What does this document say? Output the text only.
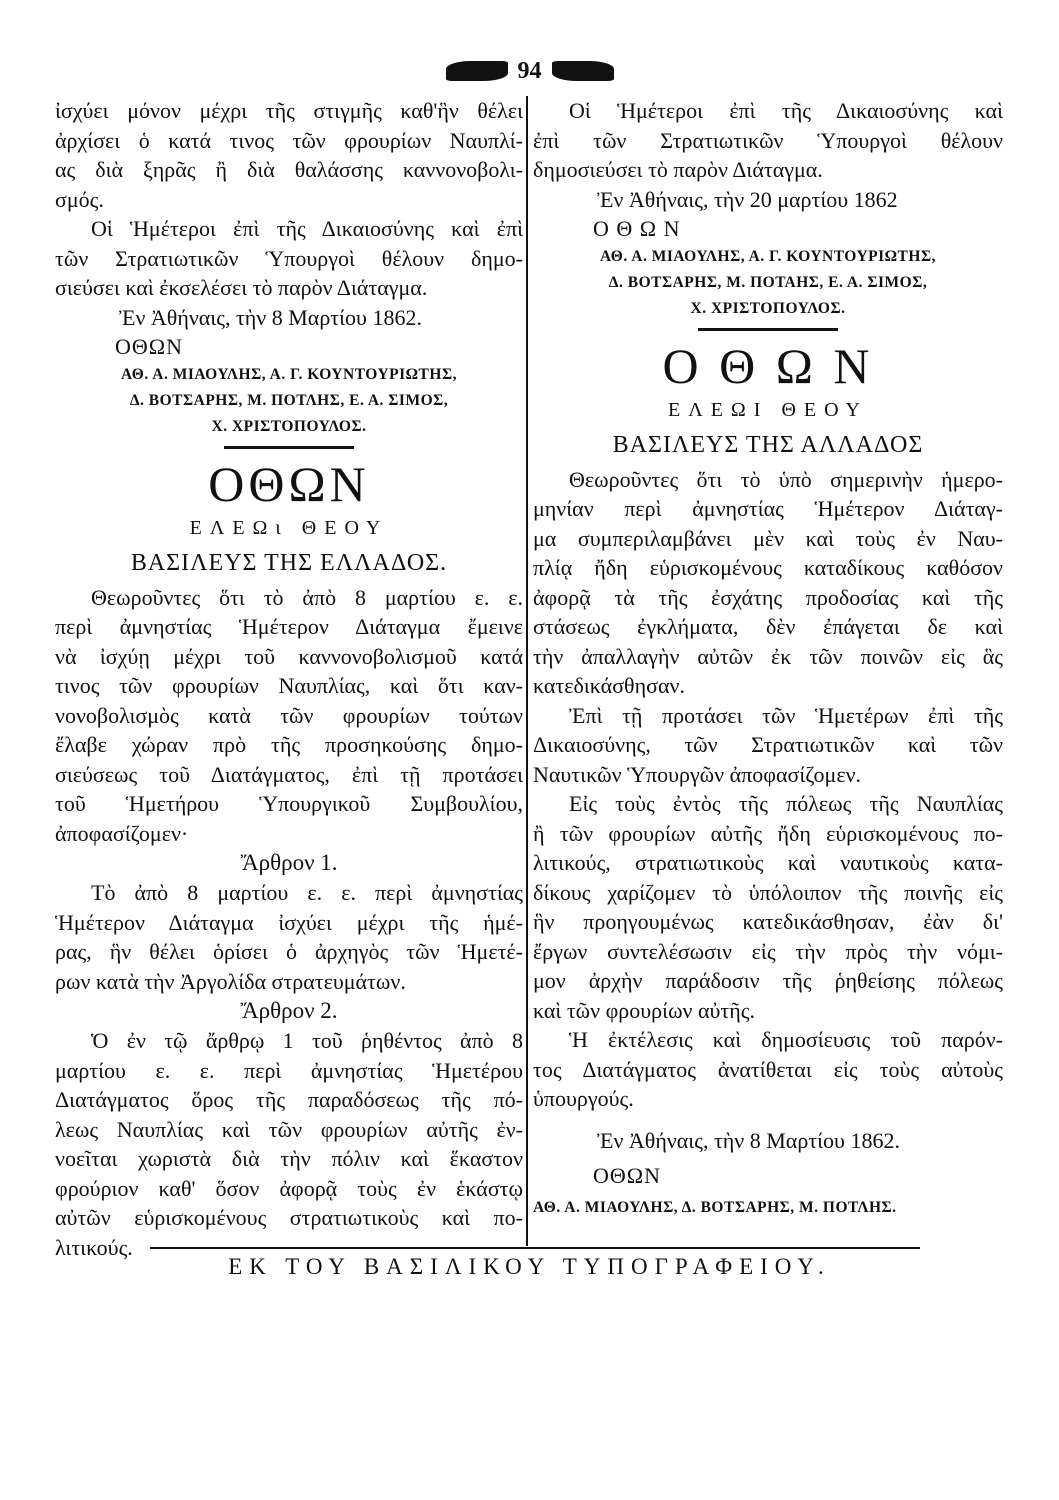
94

ἰσχύει μόνον μέχρι τῆς στιγμῆς καθ'ἣν θέλει

ἀρχίσει ὁ κατά τινος τῶν φρουρίων Ναυπλί-

ας διὰ ξηρᾶς ἢ διὰ θαλάσσης καννονοβολι-

σμός.

Οἱ Ἡμέτεροι ἐπὶ τῆς Δικαιοσύνης καὶ ἐπὶ

τῶν Στρατιωτικῶν Ὑπουργοὶ θέλουν δημο-

σιεύσει καὶ ἐκσελέσει τὸ παρὸν Διάταγμα.

Ἐν Ἀθήναις, τὴν 8 Μαρτίου 1862.

ΟΘΩΝ

ΑΘ. Α. ΜΙΑΟΥΛΗΣ, Α. Γ. ΚΟΥΝΤΟΥΡΙΩΤΗΣ,
Δ. ΒΟΤΣΑΡΗΣ, Μ. ΠΟΤΛΗΣ, Ε. Α. ΣΙΜΟΣ,
Χ. ΧΡΙΣΤΟΠΟΥΛΟΣ.
ΟΘΩΝ
ΕΛΕΩι ΘΕΟΥ
ΒΑΣΙΛΕΥΣ ΤΗΣ ΕΛΛΑΔΟΣ.

Θεωροῦντες ὅτι τὸ ἀπὸ 8 μαρτίου ε. ε.

περὶ ἀμνηστίας Ἡμέτερον Διάταγμα ἔμεινε

νὰ ἰσχύῃ μέχρι τοῦ καννονοβολισμοῦ κατά

τινος τῶν φρουρίων Ναυπλίας, καὶ ὅτι καν-

νονοβολισμὸς κατὰ τῶν φρουρίων τούτων

ἔλαβε χώραν πρὸ τῆς προσηκούσης δημο-

σιεύσεως τοῦ Διατάγματος, ἐπὶ τῇ προτάσει

τοῦ Ἡμετήρου Ὑπουργικοῦ Συμβουλίου,

ἀποφασίζομεν·

Ἄρθρον 1.

Τὸ ἀπὸ 8 μαρτίου ε. ε. περὶ ἀμνηστίας

Ἡμέτερον Διάταγμα ἰσχύει μέχρι τῆς ἡμέ-

ρας, ἣν θέλει ὁρίσει ὁ ἀρχηγὸς τῶν Ἡμετέ-

ρων κατὰ τὴν Ἀργολίδα στρατευμάτων.

Ἄρθρον 2.

Ὁ ἐν τῷ ἄρθρῳ 1 τοῦ ῥηθέντος ἀπὸ 8

μαρτίου ε. ε. περὶ ἀμνηστίας Ἡμετέρου

Διατάγματος ὅρος τῆς παραδόσεως τῆς πό-

λεως Ναυπλίας καὶ τῶν φρουρίων αὐτῆς ἐν-

νοεῖται χωριστὰ διὰ τὴν πόλιν καὶ ἕκαστον

φρούριον καθ' ὅσον ἀφορᾷ τοὺς ἐν ἑκάστῳ

αὐτῶν εὑρισκομένους στρατιωτικοὺς καὶ πο-

λιτικούς.

Οἱ Ἡμέτεροι ἐπὶ τῆς Δικαιοσύνης καὶ

ἐπὶ τῶν Στρατιωτικῶν Ὑπουργοὶ θέλουν

δημοσιεύσει τὸ παρὸν Διάταγμα.

Ἐν Ἀθήναις, τὴν 20 μαρτίου 1862

Ο Θ Ω Ν

ΑΘ. Α. ΜΙΑΟΥΛΗΣ, Α. Γ. ΚΟΥΝΤΟΥΡΙΩΤΗΣ,
Δ. ΒΟΤΣΑΡΗΣ, Μ. ΠΟΤΑΗΣ, Ε. Α. ΣΙΜΟΣ,
Χ. ΧΡΙΣΤΟΠΟΥΛΟΣ.
Ο Θ Ω Ν
ΕΛΕΩΙ ΘΕΟΥ
ΒΑΣΙΛΕΥΣ ΤΗΣ ΑΛΛΑΔΟΣ

Θεωροῦντες ὅτι τὸ ὑπὸ σημερινὴν ἡμερο-

μηνίαν περὶ ἀμνηστίας Ἡμέτερον Διάταγ-

μα συμπεριλαμβάνει μὲν καὶ τοὺς ἐν Ναυ-

πλίᾳ ἤδη εὑρισκομένους καταδίκους καθόσον

ἀφορᾷ τὰ τῆς ἐσχάτης προδοσίας καὶ τῆς

στάσεως ἐγκλήματα, δὲν ἐπάγεται δε καὶ

τὴν ἀπαλλαγὴν αὐτῶν ἐκ τῶν ποινῶν εἰς ἃς

κατεδικάσθησαν.

Ἐπὶ τῇ προτάσει τῶν Ἡμετέρων ἐπὶ τῆς

Δικαιοσύνης, τῶν Στρατιωτικῶν καὶ τῶν

Ναυτικῶν Ὑπουργῶν ἀποφασίζομεν.

Εἰς τοὺς ἐντὸς τῆς πόλεως τῆς Ναυπλίας

ἢ τῶν φρουρίων αὐτῆς ἤδη εὑρισκομένους πο-

λιτικούς, στρατιωτικοὺς καὶ ναυτικοὺς κατα-

δίκους χαρίζομεν τὸ ὑπόλοιπον τῆς ποινῆς εἰς

ἣν προηγουμένως κατεδικάσθησαν, ἐὰν δι'

ἔργων συντελέσωσιν εἰς τὴν πρὸς τὴν νόμι-

μον ἀρχὴν παράδοσιν τῆς ῥηθείσης πόλεως

καὶ τῶν φρουρίων αὐτῆς.

Ἡ ἐκτέλεσις καὶ δημοσίευσις τοῦ παρόν-

τος Διατάγματος ἀνατίθεται εἰς τοὺς αὐτοὺς

ὑπουργούς.

Ἐν Ἀθήναις, τὴν 8 Μαρτίου 1862.

ΟΘΩΝ

ΑΘ. Α. ΜΙΑΟΥΛΗΣ, Δ. ΒΟΤΣΑΡΗΣ, Μ. ΠΟΤΛΗΣ.
ΕΚ ΤΟΥ ΒΑΣΙΛΙΚΟΥ ΤΥΠΟΓΡΑΦΕΙΟΥ.
